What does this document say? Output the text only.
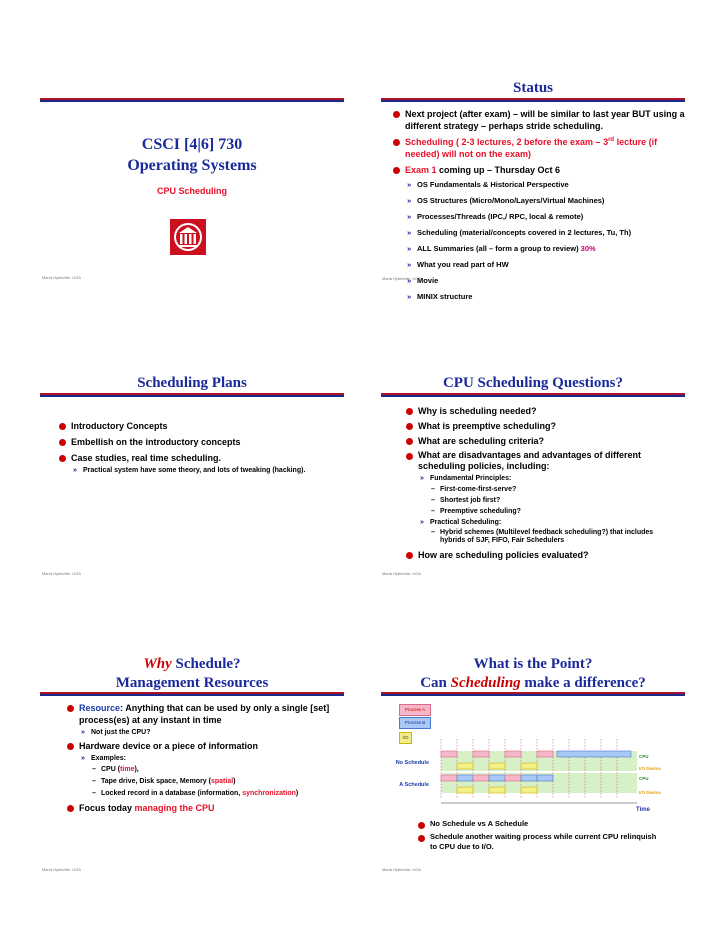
CSCI [4|6] 730
Operating Systems
CPU Scheduling
Maria Hybinette, UGA
Status
Next project (after exam) – will be similar to last year BUT using a different strategy – perhaps stride scheduling.
Scheduling ( 2-3 lectures, 2 before the exam – 3rd lecture (if needed) will not on the exam)
Exam 1 coming up – Thursday Oct 6
» OS Fundamentals & Historical Perspective
» OS Structures (Micro/Mono/Layers/Virtual Machines)
» Processes/Threads (IPC,/ RPC, local & remote)
» Scheduling (material/concepts covered in 2 lectures, Tu, Th)
» ALL Summaries (all – form a group to review) 30%
» What you read part of HW
» Movie
» MINIX structure
Maria Hybinette, UGA
Scheduling Plans
Introductory Concepts
Embellish on the introductory concepts
Case studies, real time scheduling.
» Practical system have some theory, and lots of tweaking (hacking).
Maria Hybinette, UGA
CPU Scheduling Questions?
Why is scheduling needed?
What is preemptive scheduling?
What are scheduling criteria?
What are disadvantages and advantages of different scheduling policies, including:
» Fundamental Principles:
– First-come-first-serve?
– Shortest job first?
– Preemptive scheduling?
» Practical Scheduling:
– Hybrid schemes (Multilevel feedback scheduling?) that includes hybrids of SJF, FIFO, Fair Schedulers
How are scheduling policies evaluated?
Maria Hybinette, UGA
Why Schedule?
Management Resources
Resource: Anything that can be used by only a single [set] process(es) at any instant in time
» Not just the CPU?
Hardware device or a piece of information
» Examples:
– CPU (time),
– Tape drive, Disk space, Memory (spatial)
– Locked record in a database (information, synchronization)
Focus today managing the CPU
Maria Hybinette, UGA
What is the Point?
Can Scheduling make a difference?
Process A
Process B
I/O
No Schedule
A Schedule
CPU
I/O Device
CPU
I/O Device
Time
No Schedule vs A Schedule
Schedule another waiting process while current CPU relinquish to CPU due to I/O.
Maria Hybinette, UGA
